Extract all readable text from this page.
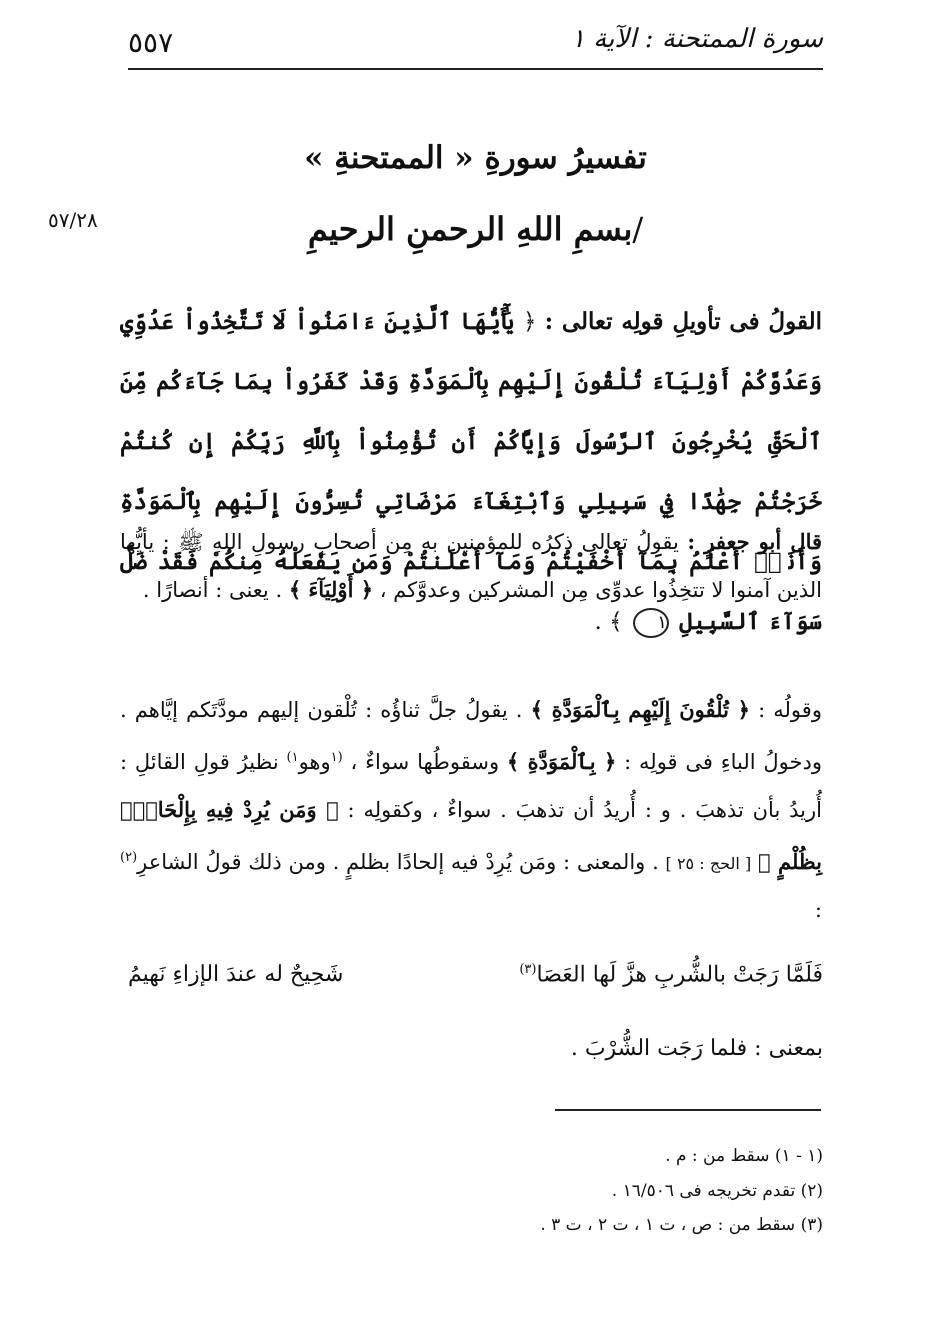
٥٥٧	سورة الممتحنة : الآية ١
٥٧/٢٨
تفسيرُ سورةِ « الممتحنةِ »
/بسمِ اللهِ الرحمنِ الرحيمِ
القولُ فى تأويلِ قولِه تعالى : ﴿ يَٰٓأَيُّهَا ٱلَّذِينَ ءَامَنُواْ لَا تَتَّخِذُواْ عَدُوِّي وَعَدُوَّكُمْ أَوْلِيَآءَ تُلْقُونَ إِلَيْهِم بِٱلْمَوَدَّةِ وَقَدْ كَفَرُواْ بِمَا جَآءَكُم مِّنَ ٱلْحَقِّ يُخْرِجُونَ ٱلرَّسُولَ وَإِيَّاكُمْ أَن تُؤْمِنُواْ بِٱللَّهِ رَبِّكُمْ إِن كُنتُمْ خَرَجْتُمْ جِهَٰدًا فِي سَبِيلِي وَٱبْتِغَآءَ مَرْضَاتِي تُسِرُّونَ إِلَيْهِم بِٱلْمَوَدَّةِ وَأَنَا۠ أَعْلَمُ بِمَآ أَخْفَيْتُمْ وَمَآ أَعْلَنتُمْ وَمَن يَفْعَلْهُ مِنكُمْ فَقَدْ ضَلَّ سَوَآءَ ٱلسَّبِيلِ ١ ﴾ .
قال أبو جعفرٍ : يقولُ تعالى ذكرُه للمؤمنين به مِن أصحابِ رسولِ اللهِ ﷺ : يأيُّها الذين آمنوا لا تتخِذُوا عدوِّى مِن المشركين وعدوَّكم ، ﴿ أَوْلِيَآءَ ﴾ . يعنى : أنصارًا .
وقولُه : ﴿ تُلْقُونَ إِلَيْهِم بِٱلْمَوَدَّةِ ﴾ . يقولُ جلَّ ثناؤُه : تُلْقون إليهم مودَّتَكم إيَّاهم . ودخولُ الباءِ فى قولِه : ﴿ بِٱلْمَوَدَّةِ ﴾ وسقوطُها سواءٌ ، $^{(١}$وهو$^{١)}$ نظيرُ قولِ القائلِ : أُريدُ بأن تذهبَ . و : أُريدُ أن تذهبَ . سواءٌ ، وكقولِه : ﴿ وَمَن يُرِدْ فِيهِ بِإِلْحَادٍۭ بِظُلْمٍ ﴾ [ الحج : ٢٥ ] . والمعنى : ومَن يُرِدْ فيه إلحادًا بظلمٍ . ومن ذلك قولُ الشاعرِ$^{(٢)}$ :
فَلَمَّا رَجَتْ بالشُّربِ هزَّ لَها العَصَا$^{(٣)}$
شَحِيحٌ له عندَ الإزاءِ نَهيمُ
بمعنى : فلما رَجَت الشُّرْبَ .
(١ - ١) سقط من : م .
(٢) تقدم تخريجه فى ١٦/٥٠٦ .
(٣) سقط من : ص ، ت ١ ، ت ٢ ، ت ٣ .
